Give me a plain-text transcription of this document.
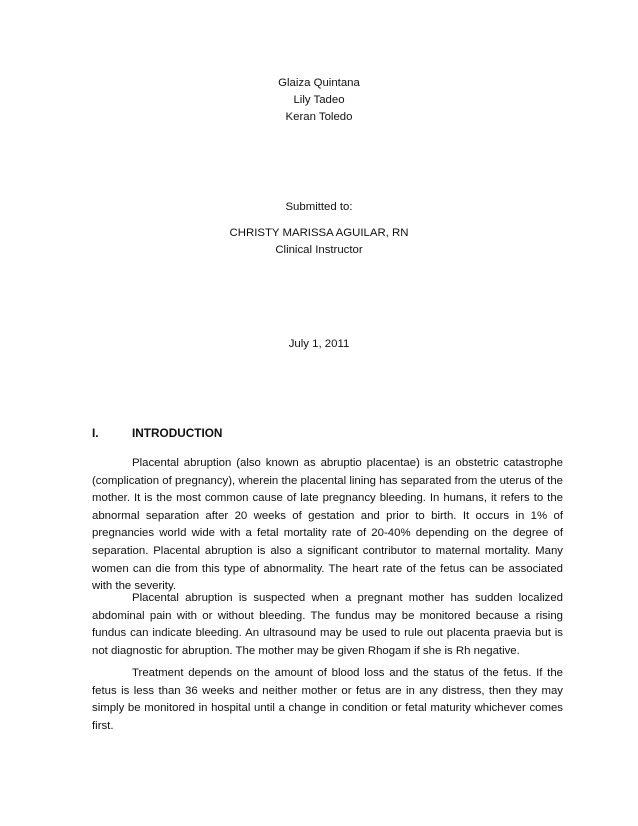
Glaiza Quintana
Lily Tadeo
Keran Toledo
Submitted to:
CHRISTY MARISSA AGUILAR, RN
Clinical Instructor
July 1, 2011
I.	INTRODUCTION

Placental abruption (also known as abruptio placentae) is an obstetric catastrophe (complication of pregnancy), wherein the placental lining has separated from the uterus of the mother. It is the most common cause of late pregnancy bleeding. In humans, it refers to the abnormal separation after 20 weeks of gestation and prior to birth. It occurs in 1% of pregnancies world wide with a fetal mortality rate of 20-40% depending on the degree of separation. Placental abruption is also a significant contributor to maternal mortality. Many women can die from this type of abnormality. The heart rate of the fetus can be associated with the severity.

Placental abruption is suspected when a pregnant mother has sudden localized abdominal pain with or without bleeding. The fundus may be monitored because a rising fundus can indicate bleeding. An ultrasound may be used to rule out placenta praevia but is not diagnostic for abruption. The mother may be given Rhogam if she is Rh negative.

Treatment depends on the amount of blood loss and the status of the fetus. If the fetus is less than 36 weeks and neither mother or fetus are in any distress, then they may simply be monitored in hospital until a change in condition or fetal maturity whichever comes first.
